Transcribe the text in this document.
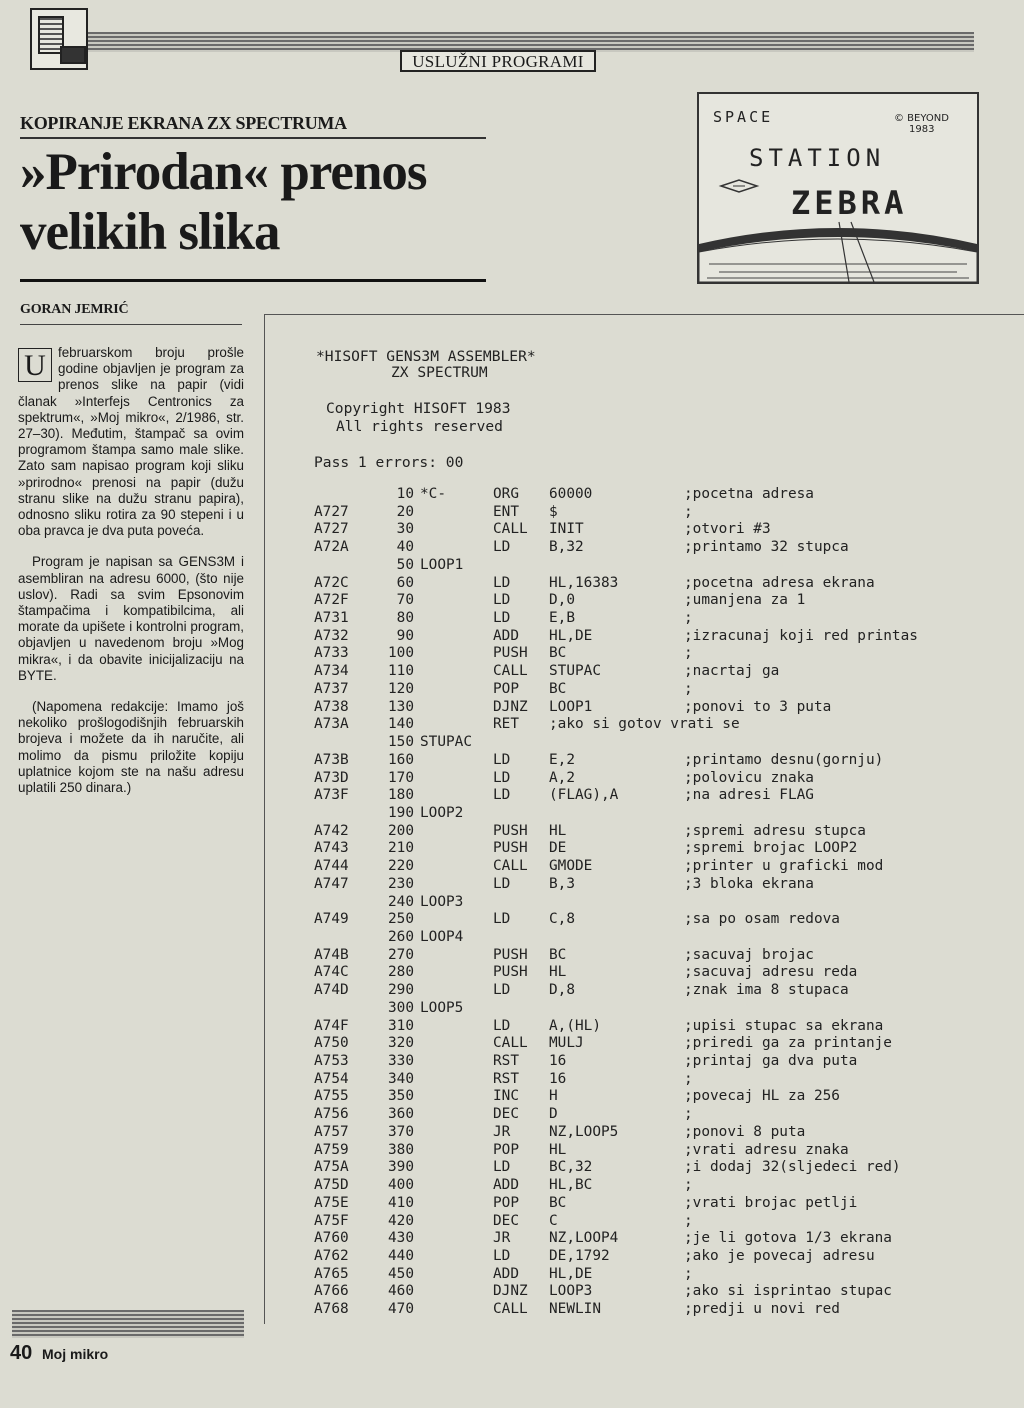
USLUŽNI PROGRAMI
KOPIRANJE EKRANA ZX SPECTRUMA
»Prirodan« prenos
velikih slika
GORAN JEMRIĆ
SPACE	© BEYOND
1983
STATION
ZEBRA

U februarskom broju prošle godine objavljen je program za prenos slike na papir (vidi članak »Interfejs Centronics za spektrum«, »Moj mikro«, 2/1986, str. 27–30). Međutim, štampač sa ovim programom štampa samo male slike. Zato sam napisao program koji sliku »prirodno« prenosi na papir (dužu stranu slike na dužu stranu papira), odnosno sliku rotira za 90 stepeni i u oba pravca je dva puta poveća.

Program je napisan sa GENS3M i asembliran na adresu 6000, (što nije uslov). Radi sa svim Epsonovim štampačima i kompatibilcima, ali morate da upišete i kontrolni program, objavljen u navedenom broju »Mog mikra«, i da obavite inicijalizaciju na BYTE.

(Napomena redakcije: Imamo još nekoliko prošlogodišnjih februarskih brojeva i možete da ih naručite, ali molimo da pismu priložite kopiju uplatnice kojom ste na našu adresu uplatili 250 dinara.)

*HISOFT GENS3M ASSEMBLER*

ZX SPECTRUM

Copyright HISOFT 1983

All rights reserved

Pass 1 errors: 00

10 *C-	ORG 60000	;pocetna adresa
A727	20	ENT $	;
A727	30	CALL INIT	;otvori #3
A72A	40	LD	B,32	;printamo 32 stupca
50 LOOP1
A72C	60	LD	HL,16383	;pocetna adresa ekrana
A72F	70	LD	D,0	;umanjena za 1
A731	80	LD	E,B	;
A732	90	ADD HL,DE	;izracunaj koji red printas
A733	100	PUSH BC	;
A734	110	CALL STUPAC	;nacrtaj ga
A737	120	POP BC	;
A738	130	DJNZ LOOP1	;ponovi to 3 puta
A73A	140	RET ;ako si gotov vrati se
150 STUPAC
A73B	160	LD	E,2	;printamo desnu(gornju)
A73D	170	LD	A,2	;polovicu znaka
A73F	180	LD	(FLAG),A	;na adresi FLAG
190 LOOP2
A742	200	PUSH HL	;spremi adresu stupca
A743	210	PUSH DE	;spremi brojac LOOP2
A744	220	CALL GMODE	;printer u graficki mod
A747	230	LD	B,3	;3 bloka ekrana
240 LOOP3
A749	250	LD	C,8	;sa po osam redova
260 LOOP4
A74B	270	PUSH BC	;sacuvaj brojac
A74C	280	PUSH HL	;sacuvaj adresu reda
A74D	290	LD	D,8	;znak ima 8 stupaca
300 LOOP5
A74F	310	LD	A,(HL)	;upisi stupac sa ekrana
A750	320	CALL MULJ	;priredi ga za printanje
A753	330	RST 16	;printaj ga dva puta
A754	340	RST 16	;
A755	350	INC H	;povecaj HL za 256
A756	360	DEC D	;
A757	370	JR	NZ,LOOP5	;ponovi 8 puta
A759	380	POP HL	;vrati adresu znaka
A75A	390	LD	BC,32	;i dodaj 32(sljedeci red)
A75D	400	ADD HL,BC	;
A75E	410	POP BC	;vrati brojac petlji
A75F	420	DEC C	;
A760	430	JR	NZ,LOOP4	;je li gotova 1/3 ekrana
A762	440	LD	DE,1792	;ako je povecaj adresu
A765	450	ADD HL,DE	;
A766	460	DJNZ LOOP3	;ako si isprintao stupac
A768	470	CALL NEWLIN	;predji u novi red
40 Moj mikro
